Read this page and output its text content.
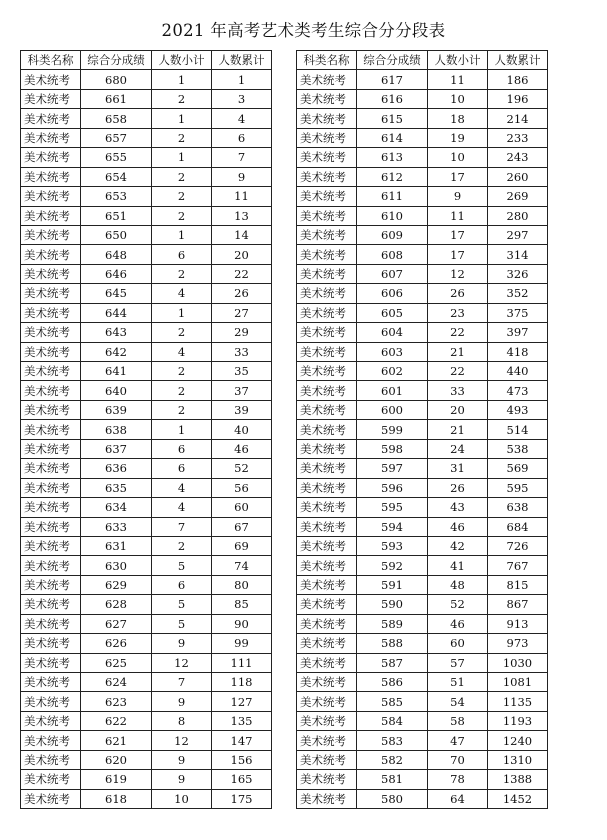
2021 年高考艺术类考生综合分分段表
科类名称	综合分成绩	人数小计	人数累计
美术统考	680	1	1
美术统考	661	2	3
美术统考	658	1	4
美术统考	657	2	6
美术统考	655	1	7
美术统考	654	2	9
美术统考	653	2	11
美术统考	651	2	13
美术统考	650	1	14
美术统考	648	6	20
美术统考	646	2	22
美术统考	645	4	26
美术统考	644	1	27
美术统考	643	2	29
美术统考	642	4	33
美术统考	641	2	35
美术统考	640	2	37
美术统考	639	2	39
美术统考	638	1	40
美术统考	637	6	46
美术统考	636	6	52
美术统考	635	4	56
美术统考	634	4	60
美术统考	633	7	67
美术统考	631	2	69
美术统考	630	5	74
美术统考	629	6	80
美术统考	628	5	85
美术统考	627	5	90
美术统考	626	9	99
美术统考	625	12	111
美术统考	624	7	118
美术统考	623	9	127
美术统考	622	8	135
美术统考	621	12	147
美术统考	620	9	156
美术统考	619	9	165
美术统考	618	10	175
科类名称	综合分成绩	人数小计	人数累计
美术统考	617	11	186
美术统考	616	10	196
美术统考	615	18	214
美术统考	614	19	233
美术统考	613	10	243
美术统考	612	17	260
美术统考	611	9	269
美术统考	610	11	280
美术统考	609	17	297
美术统考	608	17	314
美术统考	607	12	326
美术统考	606	26	352
美术统考	605	23	375
美术统考	604	22	397
美术统考	603	21	418
美术统考	602	22	440
美术统考	601	33	473
美术统考	600	20	493
美术统考	599	21	514
美术统考	598	24	538
美术统考	597	31	569
美术统考	596	26	595
美术统考	595	43	638
美术统考	594	46	684
美术统考	593	42	726
美术统考	592	41	767
美术统考	591	48	815
美术统考	590	52	867
美术统考	589	46	913
美术统考	588	60	973
美术统考	587	57	1030
美术统考	586	51	1081
美术统考	585	54	1135
美术统考	584	58	1193
美术统考	583	47	1240
美术统考	582	70	1310
美术统考	581	78	1388
美术统考	580	64	1452
